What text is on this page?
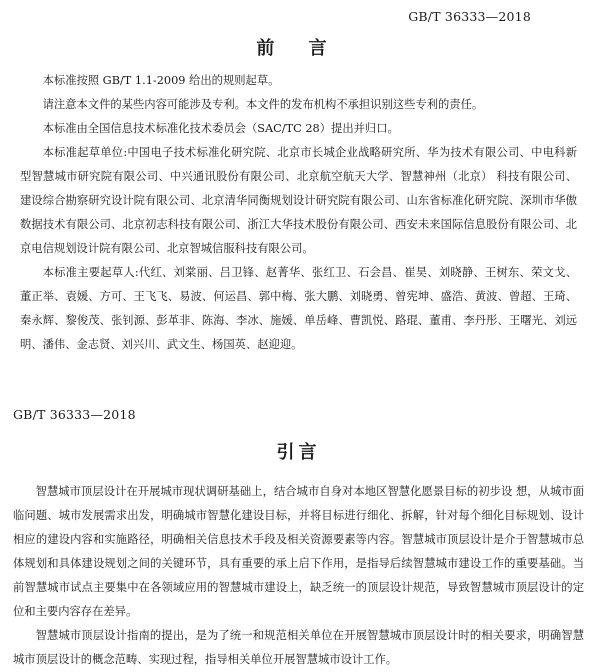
GB/T 36333—2018
前 言

本标准按照 GB/T 1.1-2009 给出的规则起草。

请注意本文件的某些内容可能涉及专利。本文件的发布机构不承担识别这些专利的责任。

本标准由全国信息技术标准化技术委员会（SAC/TC 28）提出并归口。

本标准起草单位:中国电子技术标准化研究院、北京市长城企业战略研究所、华为技术有限公司、中电科新型智慧城市研究院有限公司、中兴通讯股份有限公司、北京航空航天大学、智慧神州（北京） 科技有限公司、建设综合勘察研究设计院有限公司、北京清华同衡规划设计研究院有限公司、山东省标准化研究院、深圳市华傲数据技术有限公司、北京初志科技有限公司、浙江大华技术股份有限公司、西安未来国际信息股份有限公司、北京电信规划设计院有限公司、北京智城信服科技有限公司。

本标准主要起草人:代红、刘棠丽、吕卫锋、赵菁华、张红卫、石会昌、崔昊、刘晓静、王树东、荣文戈、董正举、袁媛、方可、王飞飞、易波、何运昌、郭中梅、张大鹏、刘晓勇、曾宪坤、盛浩、黄波、曾超、王琦、秦永辉、黎俊茂、张钊源、彭革非、陈海、李冰、施媛、单岳峰、曹凯悦、路琨、董甫、李丹彤、王曙光、刘远明、潘伟、金志贤、刘兴川、武文生、杨国英、赵迎迎。

GB/T 36333—2018
引言

智慧城市顶层设计在开展城市现状调研基础上，结合城市自身对本地区智慧化愿景目标的初步设 想，从城市面临问题、城市发展需求出发，明确城市智慧化建设目标，并将目标进行细化、拆解，针对每个细化目标规划、设计相应的建设内容和实施路径，明确相关信息技术手段及相关资源要素等内容。智慧城市顶层设计是介于智慧城市总体规划和具体建设规划之间的关键环节，具有重要的承上启下作用，是指导后续智慧城市建设工作的重要基础。当前智慧城市试点主要集中在各领域应用的智慧城市建设上，缺乏统一的顶层设计规范，导致智慧城市顶层设计的定位和主要内容存在差异。

智慧城市顶层设计指南的提出，是为了统一和规范相关单位在开展智慧城市顶层设计时的相关要求，明确智慧城市顶层设计的概念范畴、实现过程，指导相关单位开展智慧城市设计工作。
